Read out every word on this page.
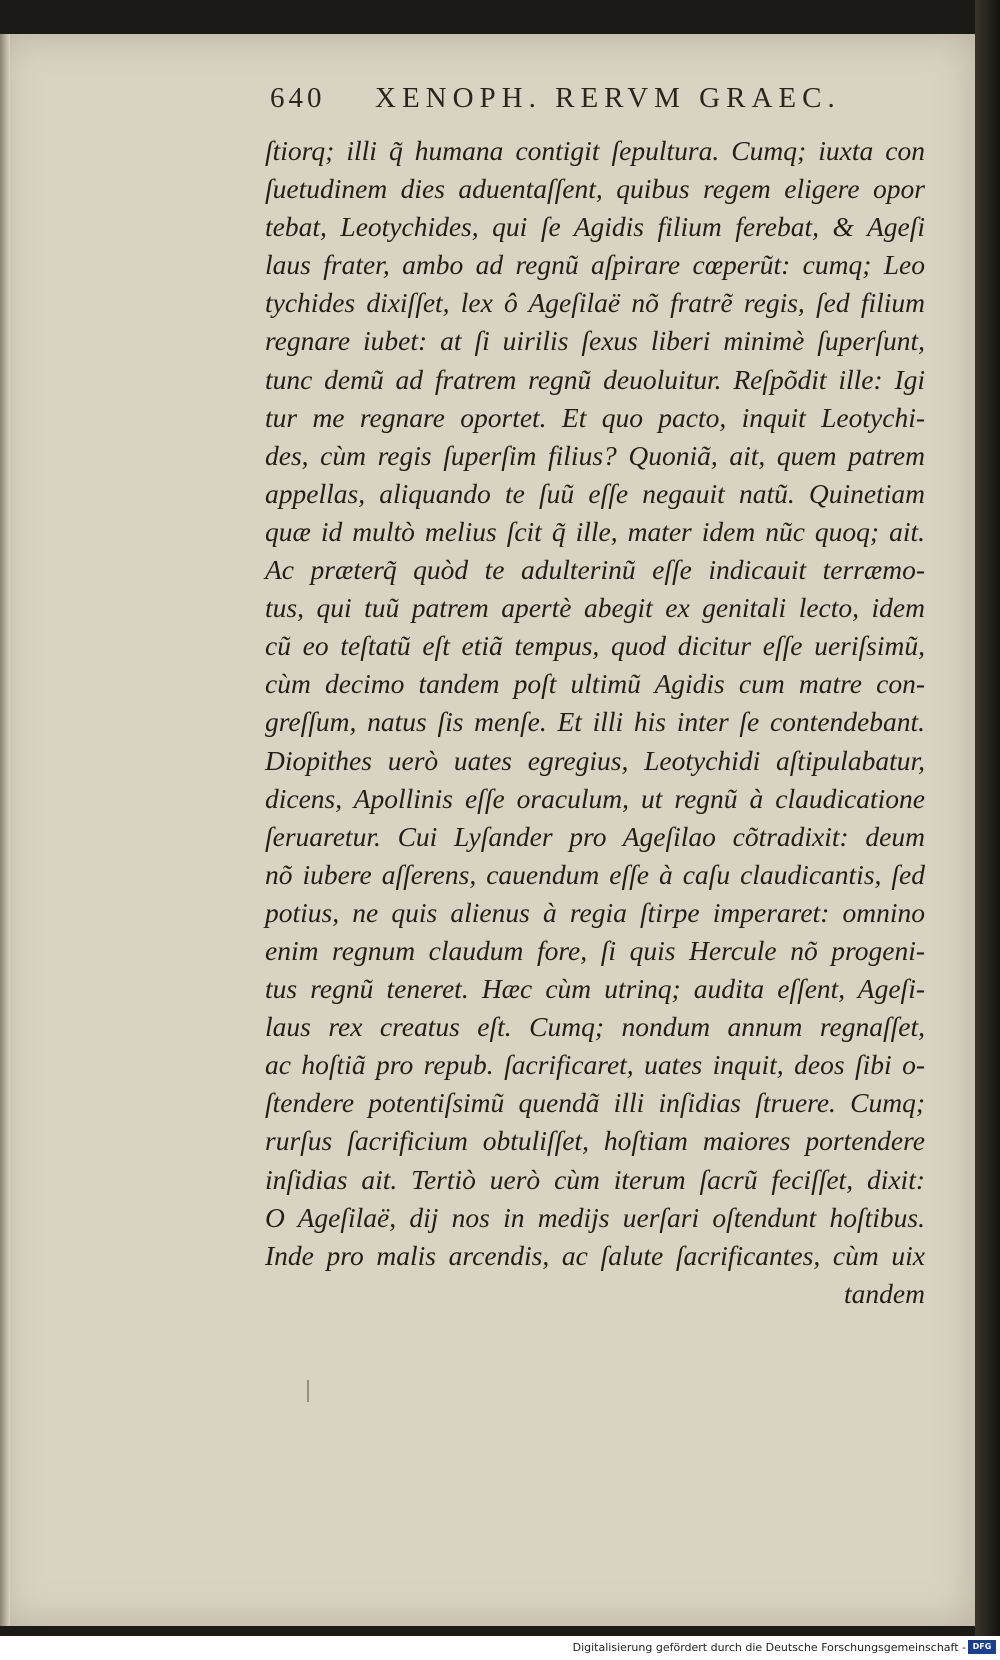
640 XENOPH. RERVM GRAEC.
ſtiorq; illi q̃ humana contigit ſepultura. Cumq; iuxta con
ſuetudinem dies aduentaſſent, quibus regem eligere opor
tebat, Leotychides, qui ſe Agidis filium ferebat, & Ageſi
laus frater, ambo ad regnũ aſpirare cœperũt: cumq; Leo
tychides dixiſſet, lex ô Ageſilaë nõ fratrẽ regis, ſed filium
regnare iubet: at ſi uirilis ſexus liberi minimè ſuperſunt,
tunc demũ ad fratrem regnũ deuoluitur. Reſpõdit ille: Igi
tur me regnare oportet. Et quo pacto, inquit Leotychi-
des, cùm regis ſuperſim filius? Quoniã, ait, quem patrem
appellas, aliquando te ſuũ eſſe negauit natũ. Quinetiam
quæ id multò melius ſcit q̃ ille, mater idem nũc quoq; ait.
Ac præterq̃ quòd te adulterinũ eſſe indicauit terræmo-
tus, qui tuũ patrem apertè abegit ex genitali lecto, idem
cũ eo teſtatũ eſt etiã tempus, quod dicitur eſſe ueriſsimũ,
cùm decimo tandem poſt ultimũ Agidis cum matre con-
greſſum, natus ſis menſe. Et illi his inter ſe contendebant.
Diopithes uerò uates egregius, Leotychidi aſtipulabatur,
dicens, Apollinis eſſe oraculum, ut regnũ à claudicatione
ſeruaretur. Cui Lyſander pro Ageſilao cõtradixit: deum
nõ iubere aſſerens, cauendum eſſe à caſu claudicantis, ſed
potius, ne quis alienus à regia ſtirpe imperaret: omnino
enim regnum claudum fore, ſi quis Hercule nõ progeni-
tus regnũ teneret. Hæc cùm utrinq; audita eſſent, Ageſi-
laus rex creatus eſt. Cumq; nondum annum regnaſſet,
ac hoſtiã pro repub. ſacrificaret, uates inquit, deos ſibi o-
ſtendere potentiſsimũ quendã illi inſidias ſtruere. Cumq;
rurſus ſacrificium obtuliſſet, hoſtiam maiores portendere
inſidias ait. Tertiò uerò cùm iterum ſacrũ feciſſet, dixit:
O Ageſilaë, dij nos in medijs uerſari oſtendunt hoſtibus.
Inde pro malis arcendis, ac ſalute ſacrificantes, cùm uix
tandem
Digitalisierung gefördert durch die Deutsche Forschungsgemeinschaft - DFG
